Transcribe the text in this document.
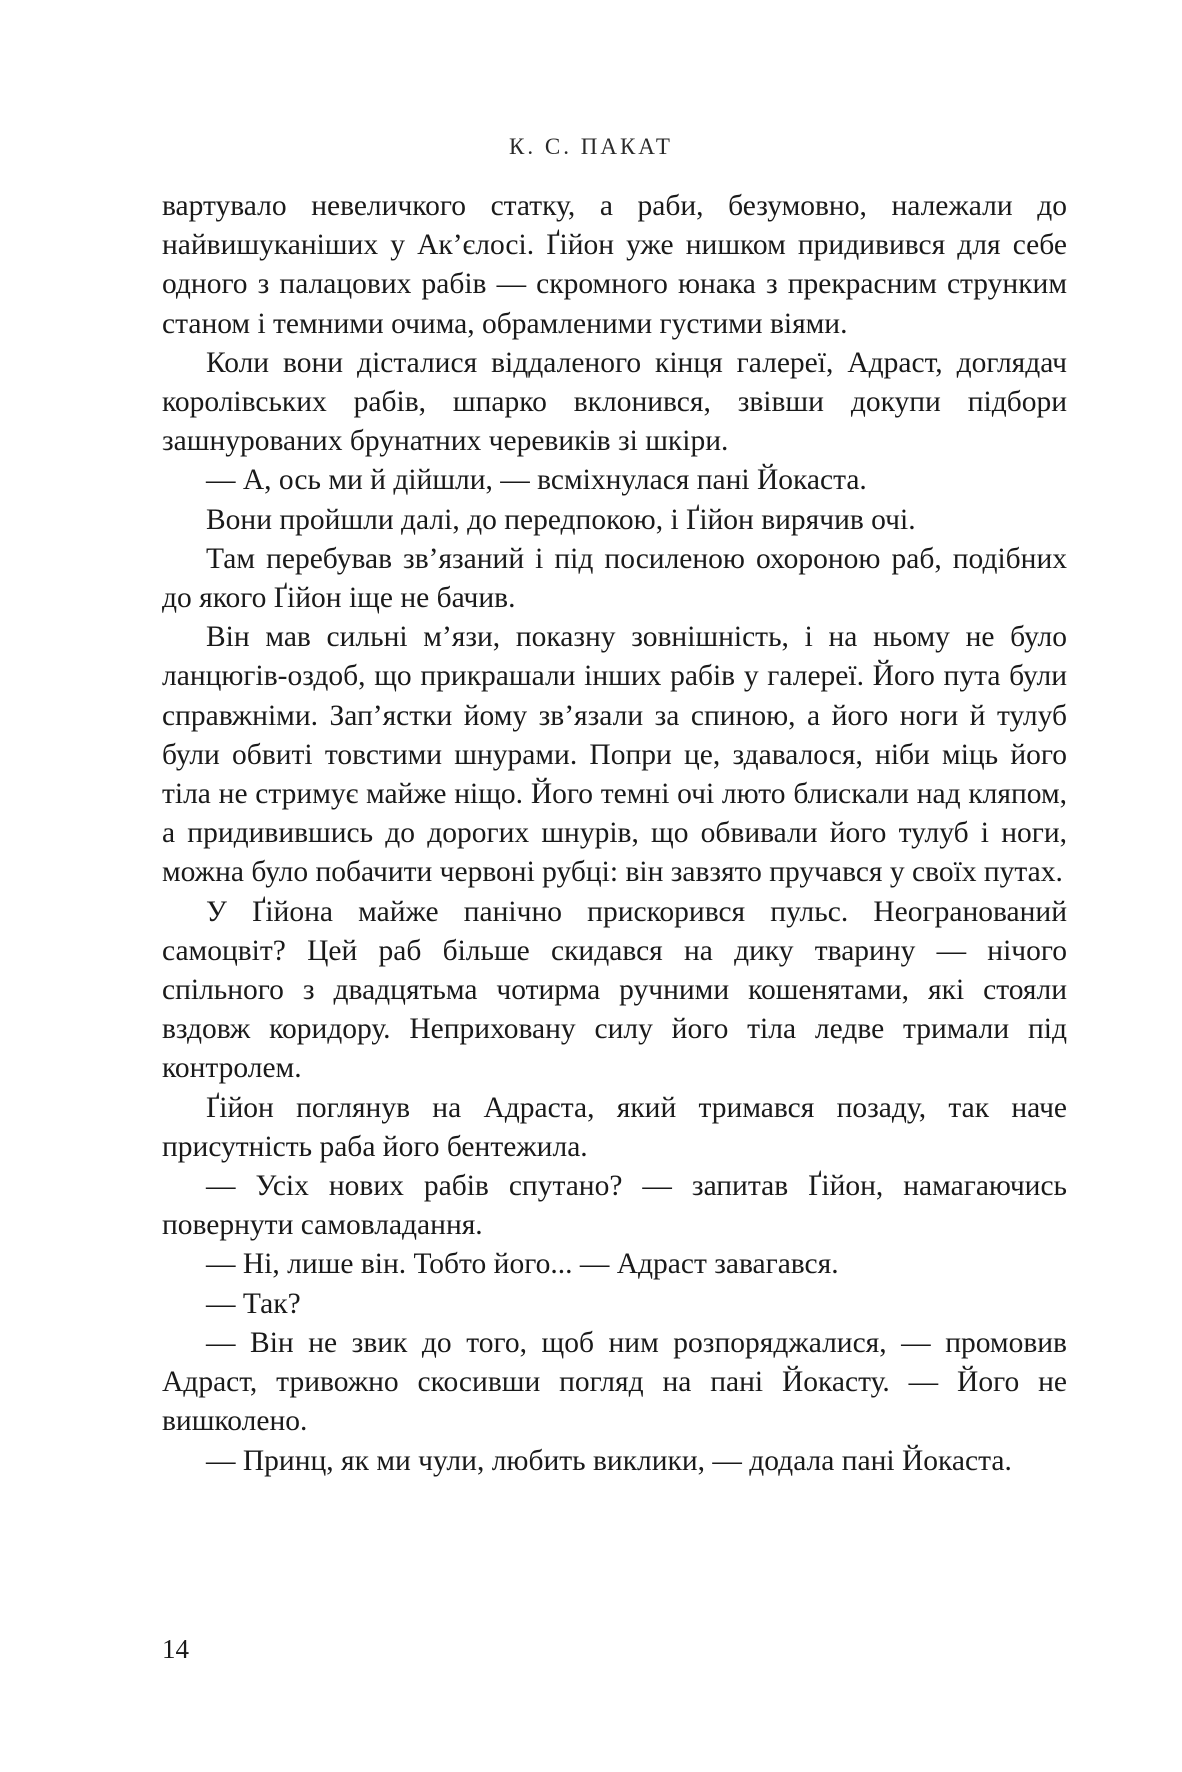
К. С. ПАКАТ

вартувало невеличкого статку, а раби, безумовно, належали до найвишуканіших у Ак’єлосі. Ґійон уже нишком придивився для себе одного з палацових рабів — скромного юнака з прекрасним струнким станом і темними очима, обрамленими густими віями.

Коли вони дісталися віддаленого кінця галереї, Адраст, доглядач королівських рабів, шпарко вклонився, звівши докупи підбори зашнурованих брунатних черевиків зі шкіри.

— А, ось ми й дійшли, — всміхнулася пані Йокаста.

Вони пройшли далі, до передпокою, і Ґійон вирячив очі.

Там перебував зв’язаний і під посиленою охороною раб, подібних до якого Ґійон іще не бачив.

Він мав сильні м’язи, показну зовнішність, і на ньому не було ланцюгів-оздоб, що прикрашали інших рабів у галереї. Його пута були справжніми. Зап’ястки йому зв’язали за спиною, а його ноги й тулуб були обвиті товстими шнурами. Попри це, здавалося, ніби міць його тіла не стримує майже ніщо. Його темні очі люто блискали над кляпом, а придивившись до дорогих шнурів, що обвивали його тулуб і ноги, можна було побачити червоні рубці: він завзято пручався у своїх путах.

У Ґійона майже панічно прискорився пульс. Неогранований самоцвіт? Цей раб більше скидався на дику тварину — нічого спільного з двадцятьма чотирма ручними кошенятами, які стояли вздовж коридору. Неприховану силу його тіла ледве тримали під контролем.

Ґійон поглянув на Адраста, який тримався позаду, так наче присутність раба його бентежила.

— Усіх нових рабів спутано? — запитав Ґійон, намагаючись повернути самовладання.

— Ні, лише він. Тобто його... — Адраст завагався.

— Так?

— Він не звик до того, щоб ним розпоряджалися, — промовив Адраст, тривожно скосивши погляд на пані Йокасту. — Його не вишколено.

— Принц, як ми чули, любить виклики, — додала пані Йокаста.

14
